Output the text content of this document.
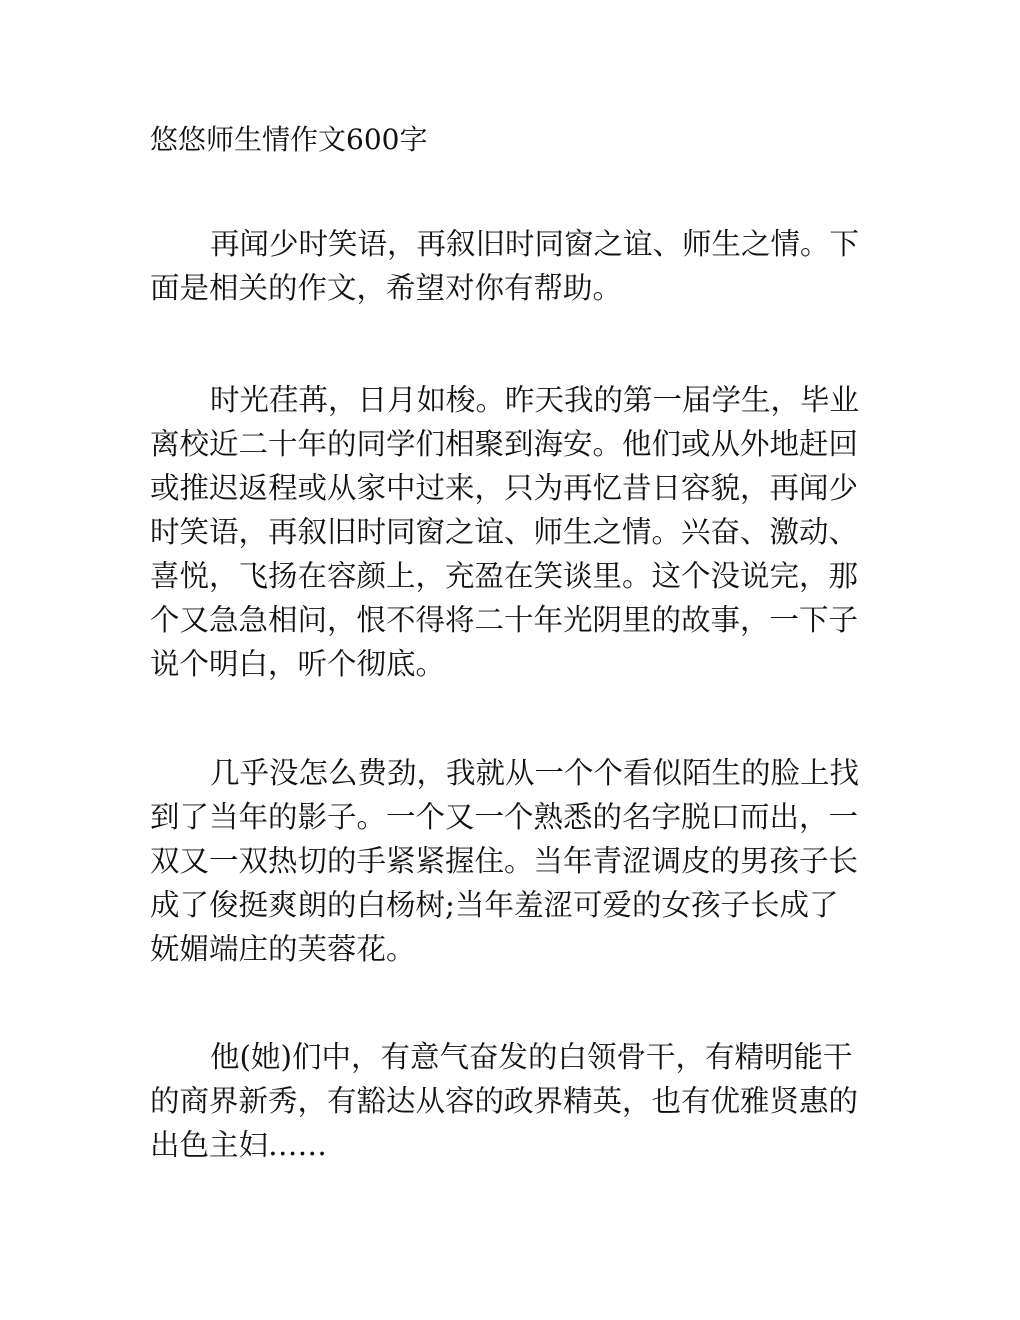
悠悠师生情作文600字
再闻少时笑语，再叙旧时同窗之谊、师生之情。下
面是相关的作文，希望对你有帮助。
时光荏苒，日月如梭。昨天我的第一届学生，毕业
离校近二十年的同学们相聚到海安。他们或从外地赶回
或推迟返程或从家中过来，只为再忆昔日容貌，再闻少
时笑语，再叙旧时同窗之谊、师生之情。兴奋、激动、
喜悦，飞扬在容颜上，充盈在笑谈里。这个没说完，那
个又急急相问，恨不得将二十年光阴里的故事，一下子
说个明白，听个彻底。
几乎没怎么费劲，我就从一个个看似陌生的脸上找
到了当年的影子。一个又一个熟悉的名字脱口而出，一
双又一双热切的手紧紧握住。当年青涩调皮的男孩子长
成了俊挺爽朗的白杨树;当年羞涩可爱的女孩子长成了
妩媚端庄的芙蓉花。
他(她)们中，有意气奋发的白领骨干，有精明能干
的商界新秀，有豁达从容的政界精英，也有优雅贤惠的
出色主妇……
